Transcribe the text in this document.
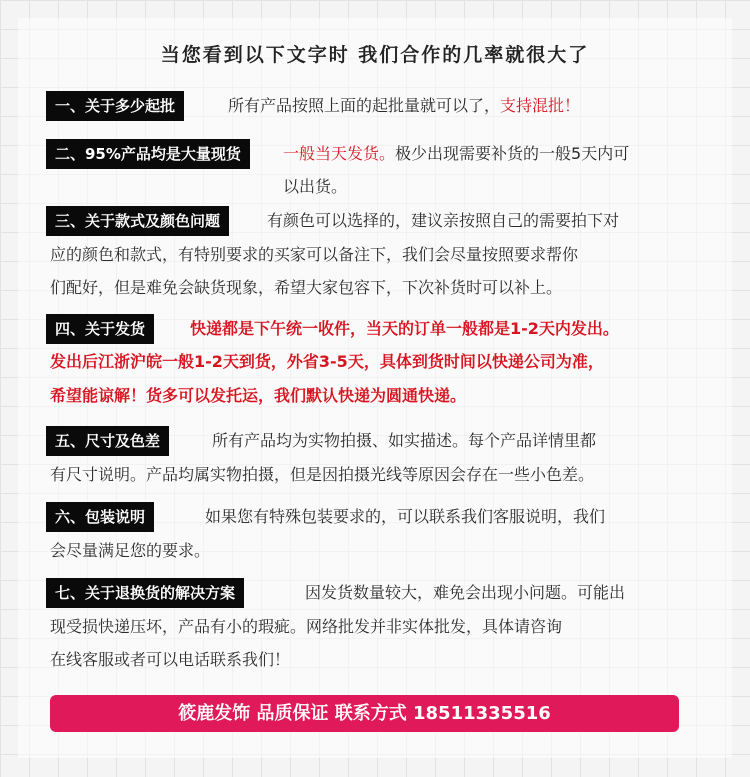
当您看到以下文字时 我们合作的几率就很大了
一、关于多少起批	所有产品按照上面的起批量就可以了，支持混批！
二、95%产品均是大量现货	一般当天发货。极少出现需要补货的一般5天内可
以出货。
三、关于款式及颜色问题	有颜色可以选择的，建议亲按照自己的需要拍下对
应的颜色和款式，有特别要求的买家可以备注下，我们会尽量按照要求帮你
们配好，但是难免会缺货现象，希望大家包容下，下次补货时可以补上。
四、关于发货	快递都是下午统一收件，当天的订单一般都是1-2天内发出。
发出后江浙沪皖一般1-2天到货，外省3-5天，具体到货时间以快递公司为准，
希望能谅解！货多可以发托运，我们默认快递为圆通快递。
五、尺寸及色差	所有产品均为实物拍摄、如实描述。每个产品详情里都
有尺寸说明。产品均属实物拍摄，但是因拍摄光线等原因会存在一些小色差。
六、包装说明	如果您有特殊包装要求的，可以联系我们客服说明，我们
会尽量满足您的要求。
七、关于退换货的解决方案	因发货数量较大，难免会出现小问题。可能出
现受损快递压坏，产品有小的瑕疵。网络批发并非实体批发，具体请咨询
在线客服或者可以电话联系我们！
筱鹿发饰 品质保证 联系方式 18511335516
